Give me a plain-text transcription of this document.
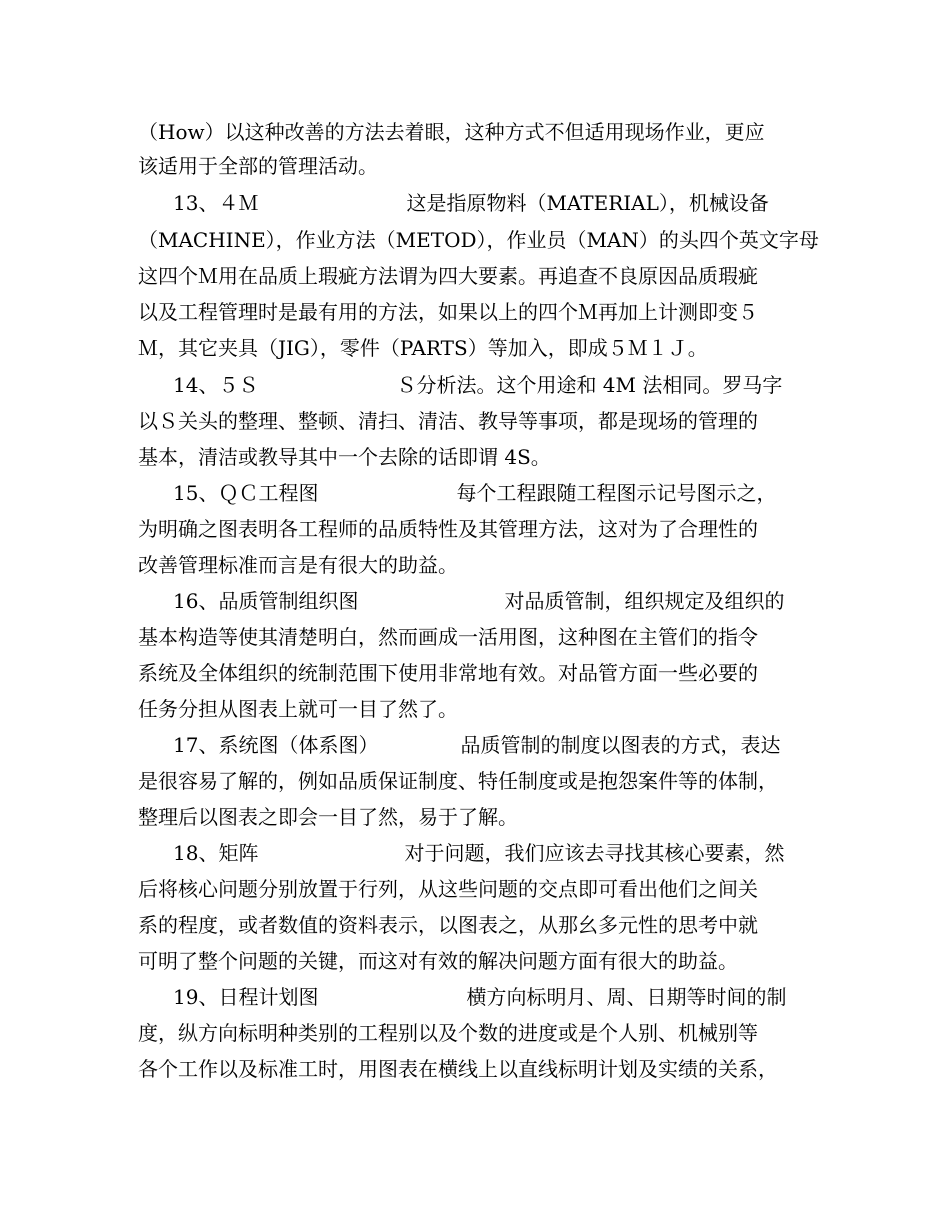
（How）以这种改善的方法去着眼，这种方式不但适用现场作业，更应
该适用于全部的管理活动。
13、４Ｍ	这是指原物料（MATERIAL），机械设备
（MACHINE），作业方法（METOD），作业员（MAN）的头四个英文字母
这四个Ｍ用在品质上瑕疵方法谓为四大要素。再追查不良原因品质瑕疵
以及工程管理时是最有用的方法，如果以上的四个Ｍ再加上计测即变５
Ｍ，其它夹具（JIG），零件（PARTS）等加入，即成５Ｍ１Ｊ。
14、５Ｓ	Ｓ分析法。这个用途和 4M 法相同。罗马字
以Ｓ关头的整理、整顿、清扫、清洁、教导等事项，都是现场的管理的
基本，清洁或教导其中一个去除的话即谓 4S。
15、ＱＣ工程图	每个工程跟随工程图示记号图示之，
为明确之图表明各工程师的品质特性及其管理方法，这对为了合理性的
改善管理标准而言是有很大的助益。
16、品质管制组织图	对品质管制，组织规定及组织的
基本构造等使其清楚明白，然而画成一活用图，这种图在主管们的指令
系统及全体组织的统制范围下使用非常地有效。对品管方面一些必要的
任务分担从图表上就可一目了然了。
17、系统图（体系图）	品质管制的制度以图表的方式，表达
是很容易了解的，例如品质保证制度、特任制度或是抱怨案件等的体制，
整理后以图表之即会一目了然，易于了解。
18、矩阵	对于问题，我们应该去寻找其核心要素，然
后将核心问题分别放置于行列，从这些问题的交点即可看出他们之间关
系的程度，或者数值的资料表示，以图表之，从那幺多元性的思考中就
可明了整个问题的关键，而这对有效的解决问题方面有很大的助益。
19、日程计划图	横方向标明月、周、日期等时间的制
度，纵方向标明种类别的工程别以及个数的进度或是个人别、机械别等
各个工作以及标准工时，用图表在横线上以直线标明计划及实绩的关系，
